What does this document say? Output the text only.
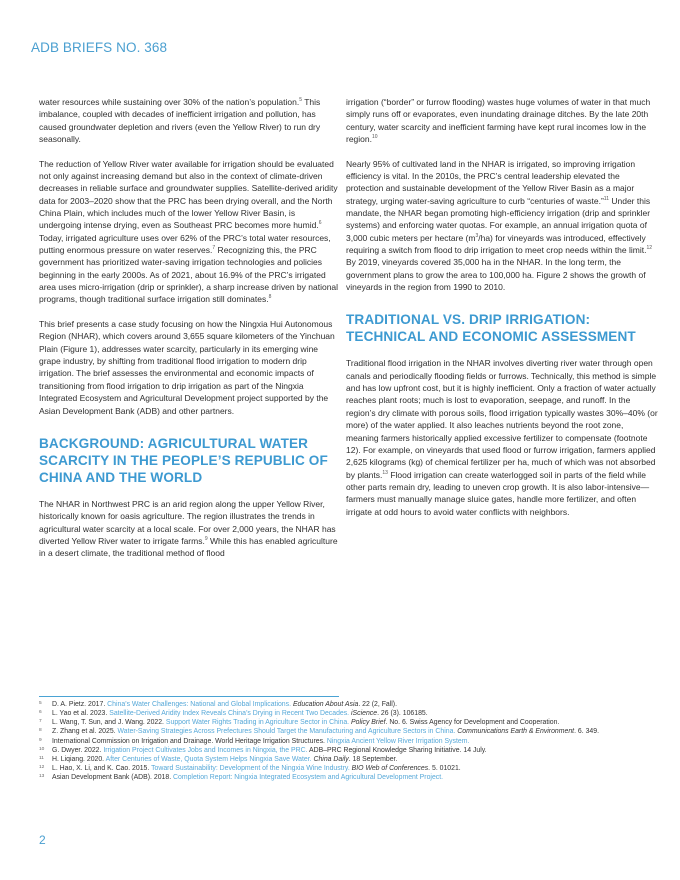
ADB BRIEFS NO. 368

water resources while sustaining over 30% of the nation’s population.$^5$ This imbalance, coupled with decades of inefficient irrigation and pollution, has caused groundwater depletion and rivers (even the Yellow River) to run dry seasonally.

The reduction of Yellow River water available for irrigation should be evaluated not only against increasing demand but also in the context of climate-driven decreases in reliable surface and groundwater supplies. Satellite-derived aridity data for 2003–2020 show that the PRC has been drying overall, and the North China Plain, which includes much of the lower Yellow River Basin, is undergoing intense drying, even as Southeast PRC becomes more humid.$^6$ Today, irrigated agriculture uses over 62% of the PRC’s total water resources, putting enormous pressure on water reserves.$^7$ Recognizing this, the PRC government has prioritized water-saving irrigation technologies and policies beginning in the early 2000s. As of 2021, about 16.9% of the PRC’s irrigated area uses micro-irrigation (drip or sprinkler), a sharp increase driven by national programs, though traditional surface irrigation still dominates.$^8$

This brief presents a case study focusing on how the Ningxia Hui Autonomous Region (NHAR), which covers around 3,655 square kilometers of the Yinchuan Plain (Figure 1), addresses water scarcity, particularly in its emerging wine grape industry, by shifting from traditional flood irrigation to modern drip irrigation. The brief assesses the environmental and economic impacts of transitioning from flood irrigation to drip irrigation as part of the Ningxia Integrated Ecosystem and Agricultural Development project supported by the Asian Development Bank (ADB) and other partners.

BACKGROUND: AGRICULTURAL WATER SCARCITY IN THE PEOPLE’S REPUBLIC OF CHINA AND THE WORLD

The NHAR in Northwest PRC is an arid region along the upper Yellow River, historically known for oasis agriculture. The region illustrates the trends in agricultural water scarcity at a local scale. For over 2,000 years, the NHAR has diverted Yellow River water to irrigate farms.$^9$ While this has enabled agriculture in a desert climate, the traditional method of flood

irrigation (“border” or furrow flooding) wastes huge volumes of water in that much simply runs off or evaporates, even inundating drainage ditches. By the late 20th century, water scarcity and inefficient farming have kept rural incomes low in the region.$^{10}$

Nearly 95% of cultivated land in the NHAR is irrigated, so improving irrigation efficiency is vital. In the 2010s, the PRC’s central leadership elevated the protection and sustainable development of the Yellow River Basin as a major strategy, urging water-saving agriculture to curb “centuries of waste.”$^{11}$ Under this mandate, the NHAR began promoting high-efficiency irrigation (drip and sprinkler systems) and enforcing water quotas. For example, an annual irrigation quota of 3,000 cubic meters per hectare $(m^3/ha)$ for vineyards was introduced, effectively requiring a switch from flood to drip irrigation to meet crop needs within the limit.$^{12}$ By 2019, vineyards covered 35,000 ha in the NHAR. In the long term, the government plans to grow the area to 100,000 ha. Figure 2 shows the growth of vineyards in the region from 1990 to 2010.

TRADITIONAL VS. DRIP IRRIGATION: TECHNICAL AND ECONOMIC ASSESSMENT

Traditional flood irrigation in the NHAR involves diverting river water through open canals and periodically flooding fields or furrows. Technically, this method is simple and has low upfront cost, but it is highly inefficient. Only a fraction of water actually reaches plant roots; much is lost to evaporation, seepage, and runoff. In the region’s dry climate with porous soils, flood irrigation typically wastes 30%–40% (or more) of the water applied. It also leaches nutrients beyond the root zone, meaning farmers historically applied excessive fertilizer to compensate (footnote 12). For example, on vineyards that used flood or furrow irrigation, farmers applied 2,625 kilograms (kg) of chemical fertilizer per ha, much of which was not absorbed by plants.$^{13}$ Flood irrigation can create waterlogged soil in parts of the field while other parts remain dry, leading to uneven crop growth. It is also labor-intensive—farmers must manually manage sluice gates, handle more fertilizer, and often irrigate at odd hours to avoid water conflicts with neighbors.

5 D. A. Pietz. 2017. China’s Water Challenges: National and Global Implications. Education About Asia. 22 (2, Fall).
6 L. Yao et al. 2023. Satellite-Derived Aridity Index Reveals China’s Drying in Recent Two Decades. iScience. 26 (3). 106185.
7 L. Wang, T. Sun, and J. Wang. 2022. Support Water Rights Trading in Agriculture Sector in China. Policy Brief. No. 6. Swiss Agency for Development and Cooperation.
8 Z. Zhang et al. 2025. Water-Saving Strategies Across Prefectures Should Target the Manufacturing and Agriculture Sectors in China. Communications Earth & Environment. 6. 349.
9 International Commission on Irrigation and Drainage. World Heritage Irrigation Structures. Ningxia Ancient Yellow River Irrigation System.
10 G. Dwyer. 2022. Irrigation Project Cultivates Jobs and Incomes in Ningxia, the PRC. ADB–PRC Regional Knowledge Sharing Initiative. 14 July.
11 H. Liqiang. 2020. After Centuries of Waste, Quota System Helps Ningxia Save Water. China Daily. 18 September.
12 L. Hao, X. Li, and K. Cao. 2015. Toward Sustainability: Development of the Ningxia Wine Industry. BIO Web of Conferences. 5. 01021.
13 Asian Development Bank (ADB). 2018. Completion Report: Ningxia Integrated Ecosystem and Agricultural Development Project.
2
